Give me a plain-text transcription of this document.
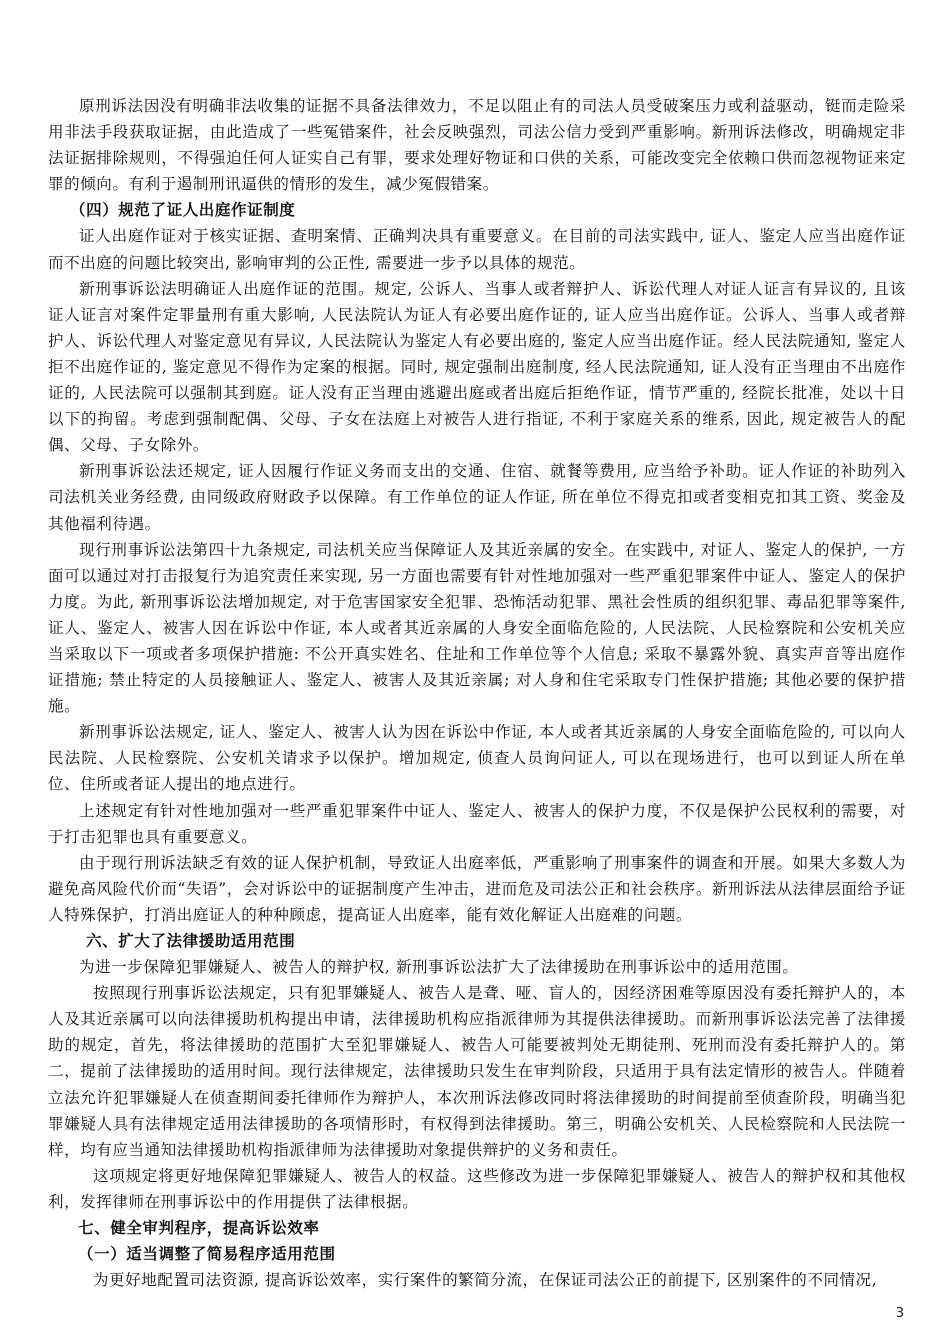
原刑诉法因没有明确非法收集的证据不具备法律效力，不足以阻止有的司法人员受破案压力或利益驱动，铤而走险采用非法手段获取证据，由此造成了一些冤错案件，社会反映强烈，司法公信力受到严重影响。新刑诉法修改，明确规定非法证据排除规则，不得强迫任何人证实自己有罪，要求处理好物证和口供的关系，可能改变完全依赖口供而忽视物证来定罪的倾向。有利于遏制刑讯逼供的情形的发生，减少冤假错案。

（四）规范了证人出庭作证制度

证人出庭作证对于核实证据、查明案情、正确判决具有重要意义。在目前的司法实践中, 证人、鉴定人应当出庭作证而不出庭的问题比较突出, 影响审判的公正性, 需要进一步予以具体的规范。

新刑事诉讼法明确证人出庭作证的范围。规定, 公诉人、当事人或者辩护人、诉讼代理人对证人证言有异议的, 且该证人证言对案件定罪量刑有重大影响, 人民法院认为证人有必要出庭作证的, 证人应当出庭作证。公诉人、当事人或者辩护人、诉讼代理人对鉴定意见有异议, 人民法院认为鉴定人有必要出庭的, 鉴定人应当出庭作证。经人民法院通知, 鉴定人拒不出庭作证的, 鉴定意见不得作为定案的根据。同时, 规定强制出庭制度, 经人民法院通知, 证人没有正当理由不出庭作证的, 人民法院可以强制其到庭。证人没有正当理由逃避出庭或者出庭后拒绝作证，情节严重的, 经院长批准，处以十日以下的拘留。考虑到强制配偶、父母、子女在法庭上对被告人进行指证, 不利于家庭关系的维系, 因此, 规定被告人的配偶、父母、子女除外。

新刑事诉讼法还规定, 证人因履行作证义务而支出的交通、住宿、就餐等费用, 应当给予补助。证人作证的补助列入司法机关业务经费, 由同级政府财政予以保障。有工作单位的证人作证, 所在单位不得克扣或者变相克扣其工资、奖金及其他福利待遇。

现行刑事诉讼法第四十九条规定, 司法机关应当保障证人及其近亲属的安全。在实践中, 对证人、鉴定人的保护, 一方面可以通过对打击报复行为追究责任来实现, 另一方面也需要有针对性地加强对一些严重犯罪案件中证人、鉴定人的保护力度。为此, 新刑事诉讼法增加规定, 对于危害国家安全犯罪、恐怖活动犯罪、黑社会性质的组织犯罪、毒品犯罪等案件, 证人、鉴定人、被害人因在诉讼中作证, 本人或者其近亲属的人身安全面临危险的, 人民法院、人民检察院和公安机关应当采取以下一项或者多项保护措施: 不公开真实姓名、住址和工作单位等个人信息; 采取不暴露外貌、真实声音等出庭作证措施; 禁止特定的人员接触证人、鉴定人、被害人及其近亲属; 对人身和住宅采取专门性保护措施; 其他必要的保护措施。

新刑事诉讼法规定, 证人、鉴定人、被害人认为因在诉讼中作证, 本人或者其近亲属的人身安全面临危险的, 可以向人民法院、人民检察院、公安机关请求予以保护。增加规定, 侦查人员询问证人, 可以在现场进行，也可以到证人所在单位、住所或者证人提出的地点进行。

上述规定有针对性地加强对一些严重犯罪案件中证人、鉴定人、被害人的保护力度，不仅是保护公民权利的需要，对于打击犯罪也具有重要意义。

由于现行刑诉法缺乏有效的证人保护机制，导致证人出庭率低，严重影响了刑事案件的调查和开展。如果大多数人为避免高风险代价而“失语”，会对诉讼中的证据制度产生冲击，进而危及司法公正和社会秩序。新刑诉法从法律层面给予证人特殊保护，打消出庭证人的种种顾虑，提高证人出庭率，能有效化解证人出庭难的问题。

六、扩大了法律援助适用范围

为进一步保障犯罪嫌疑人、被告人的辩护权, 新刑事诉讼法扩大了法律援助在刑事诉讼中的适用范围。

按照现行刑事诉讼法规定，只有犯罪嫌疑人、被告人是聋、哑、盲人的，因经济困难等原因没有委托辩护人的，本人及其近亲属可以向法律援助机构提出申请，法律援助机构应指派律师为其提供法律援助。而新刑事诉讼法完善了法律援助的规定，首先，将法律援助的范围扩大至犯罪嫌疑人、被告人可能要被判处无期徒刑、死刑而没有委托辩护人的。第二，提前了法律援助的适用时间。现行法律规定，法律援助只发生在审判阶段，只适用于具有法定情形的被告人。伴随着立法允许犯罪嫌疑人在侦查期间委托律师作为辩护人，本次刑诉法修改同时将法律援助的时间提前至侦查阶段，明确当犯罪嫌疑人具有法律规定适用法律援助的各项情形时，有权得到法律援助。第三，明确公安机关、人民检察院和人民法院一样，均有应当通知法律援助机构指派律师为法律援助对象提供辩护的义务和责任。

这项规定将更好地保障犯罪嫌疑人、被告人的权益。这些修改为进一步保障犯罪嫌疑人、被告人的辩护权和其他权利，发挥律师在刑事诉讼中的作用提供了法律根据。

七、健全审判程序，提高诉讼效率

（一）适当调整了简易程序适用范围

为更好地配置司法资源, 提高诉讼效率，实行案件的繁简分流，在保证司法公正的前提下, 区别案件的不同情况,

3
